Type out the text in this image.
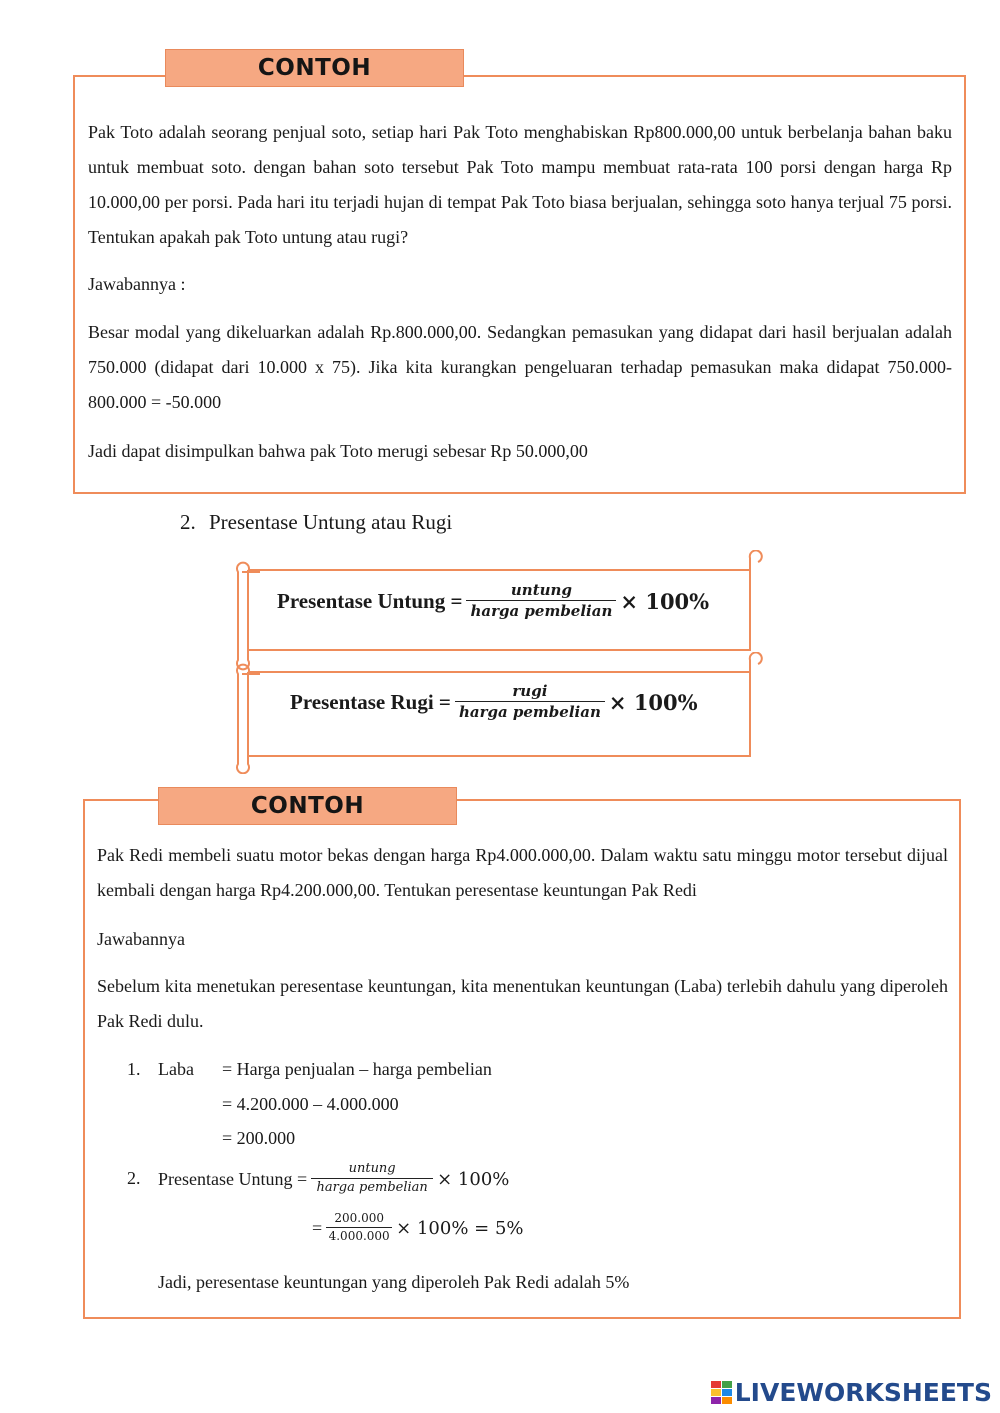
CONTOH

Pak Toto adalah seorang penjual soto, setiap hari Pak Toto menghabiskan Rp800.000,00 untuk berbelanja bahan baku untuk membuat soto. dengan bahan soto tersebut Pak Toto mampu membuat rata-rata 100 porsi dengan harga Rp 10.000,00 per porsi. Pada hari itu terjadi hujan di tempat Pak Toto biasa berjualan, sehingga soto hanya terjual 75 porsi. Tentukan apakah pak Toto untung atau rugi?

Jawabannya :

Besar modal yang dikeluarkan adalah Rp.800.000,00. Sedangkan pemasukan yang didapat dari hasil berjualan adalah 750.000 (didapat dari 10.000 x 75). Jika kita kurangkan pengeluaran terhadap pemasukan maka didapat 750.000-800.000 = -50.000

Jadi dapat disimpulkan bahwa pak Toto merugi sebesar Rp 50.000,00

2. Presentase Untung atau Rugi
Presentase Untung = $\frac{\text{untung}}{\text{harga pembelian}} \times 100\%$
Presentase Rugi = $\frac{\text{rugi}}{\text{harga pembelian}} \times 100\%$
CONTOH

Pak Redi membeli suatu motor bekas dengan harga Rp4.000.000,00. Dalam waktu satu minggu motor tersebut dijual kembali dengan harga Rp4.200.000,00. Tentukan peresentase keuntungan Pak Redi

Jawabannya

Sebelum kita menetukan peresentase keuntungan, kita menentukan keuntungan (Laba) terlebih dahulu yang diperoleh Pak Redi dulu.

1. Laba = Harga penjualan – harga pembelian
= 4.200.000 – 4.000.000
= 200.000
2. Presentase Untung = $\frac{\text{untung}}{\text{harga pembelian}} \times 100\%$
= $\frac{200.000}{4.000.000} \times 100\% = 5\%$

Jadi, peresentase keuntungan yang diperoleh Pak Redi adalah 5%

LIVEWORKSHEETS
